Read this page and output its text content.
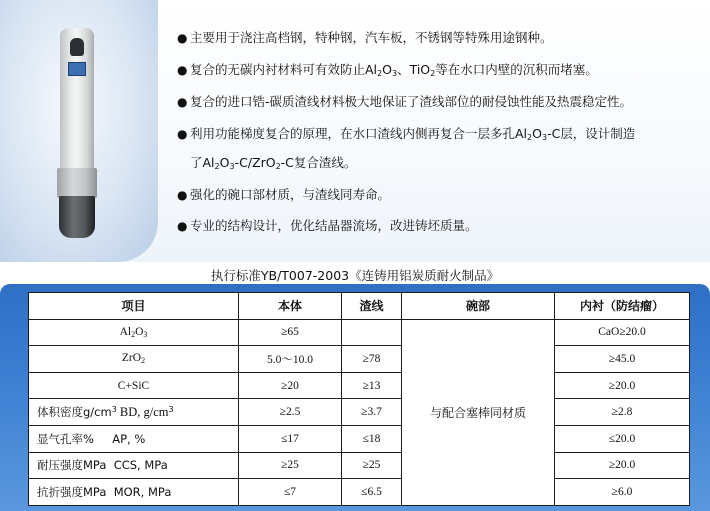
● 主要用于浇注高档钢，特种钢，汽车板，不锈钢等特殊用途钢种。
● 复合的无碳内衬材料可有效防止$Al_2O_3$、TiO$_2$等在水口内壁的沉积而堵塞。
● 复合的进口锆-碳质渣线材料极大地保证了渣线部位的耐侵蚀性能及热震稳定性。
● 利用功能梯度复合的原理，在水口渣线内侧再复合一层多孔$Al_2O_3-C$层，设计制造
了$Al_2O_3-C/ZrO_2-C$复合渣线。
● 强化的碗口部材质，与渣线同寿命。
● 专业的结构设计，优化结晶器流场，改进铸坯质量。
执行标准YB/T007-2003《连铸用铝炭质耐火制品》
项目	本体	渣线	碗部	内衬（防结瘤）
$Al_2O_3$	≥65		与配合塞棒同材质	CaO≥20.0
ZrO$_2$	5.0～10.0	≥78		≥45.0
C+SiC	≥20	≥13		≥20.0
体积密度$g/cm^3$ BD, $g/cm^3$	≥2.5	≥3.7		≥2.8
显气孔率%     AP, %	≤17	≤18		≤20.0
耐压强度MPa  CCS, MPa	≥25	≥25		≥20.0
抗折强度MPa  MOR, MPa	≤7	≤6.5		≥6.0
